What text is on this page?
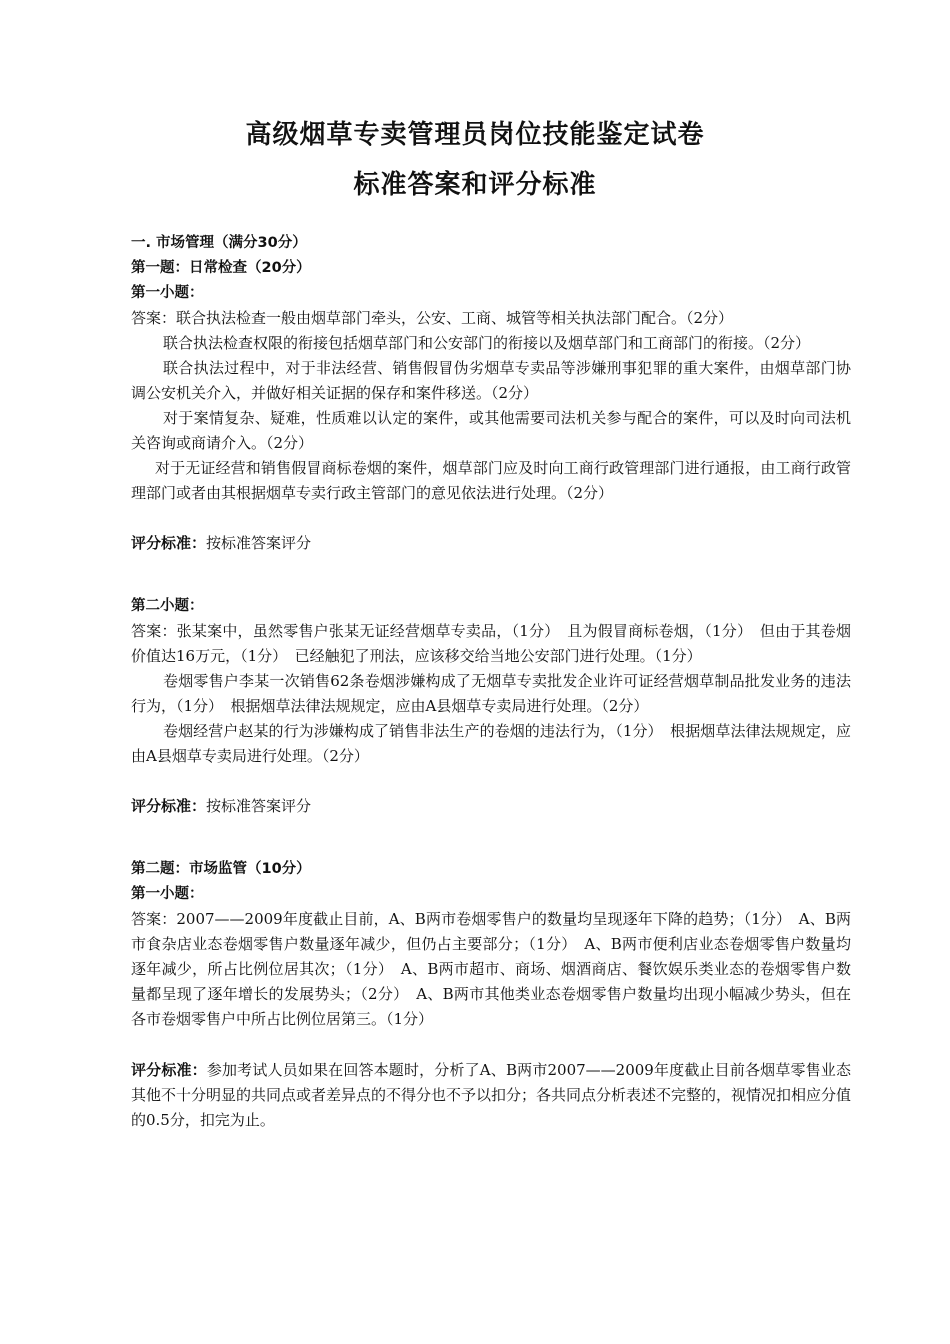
高级烟草专卖管理员岗位技能鉴定试卷
标准答案和评分标准

一. 市场管理（满分30分）

第一题：日常检查（20分）

第一小题：

答案：联合执法检查一般由烟草部门牵头，公安、工商、城管等相关执法部门配合。（2分）

联合执法检查权限的衔接包括烟草部门和公安部门的衔接以及烟草部门和工商部门的衔接。（2分）

联合执法过程中，对于非法经营、销售假冒伪劣烟草专卖品等涉嫌刑事犯罪的重大案件，由烟草部门协调公安机关介入，并做好相关证据的保存和案件移送。（2分）

对于案情复杂、疑难，性质难以认定的案件，或其他需要司法机关参与配合的案件，可以及时向司法机关咨询或商请介入。（2分）

对于无证经营和销售假冒商标卷烟的案件，烟草部门应及时向工商行政管理部门进行通报，由工商行政管理部门或者由其根据烟草专卖行政主管部门的意见依法进行处理。（2分）

评分标准：按标准答案评分

第二小题：

答案：张某案中，虽然零售户张某无证经营烟草专卖品，（1分）　且为假冒商标卷烟，（1分）　但由于其卷烟价值达16万元，（1分）　已经触犯了刑法，应该移交给当地公安部门进行处理。（1分）

卷烟零售户李某一次销售62条卷烟涉嫌构成了无烟草专卖批发企业许可证经营烟草制品批发业务的违法行为，（1分）　根据烟草法律法规规定，应由A县烟草专卖局进行处理。（2分）

卷烟经营户赵某的行为涉嫌构成了销售非法生产的卷烟的违法行为，（1分）　根据烟草法律法规规定，应由A县烟草专卖局进行处理。（2分）

评分标准：按标准答案评分

第二题：市场监管（10分）

第一小题：

答案：2007——2009年度截止目前，A、B两市卷烟零售户的数量均呈现逐年下降的趋势；（1分）　A、B两市食杂店业态卷烟零售户数量逐年减少，但仍占主要部分；（1分）　A、B两市便利店业态卷烟零售户数量均逐年减少，所占比例位居其次；（1分）　A、B两市超市、商场、烟酒商店、餐饮娱乐类业态的卷烟零售户数量都呈现了逐年增长的发展势头；（2分）　A、B两市其他类业态卷烟零售户数量均出现小幅减少势头，但在各市卷烟零售户中所占比例位居第三。（1分）

评分标准：参加考试人员如果在回答本题时，分析了A、B两市2007——2009年度截止目前各烟草零售业态其他不十分明显的共同点或者差异点的不得分也不予以扣分；各共同点分析表述不完整的，视情况扣相应分值的0.5分，扣完为止。
